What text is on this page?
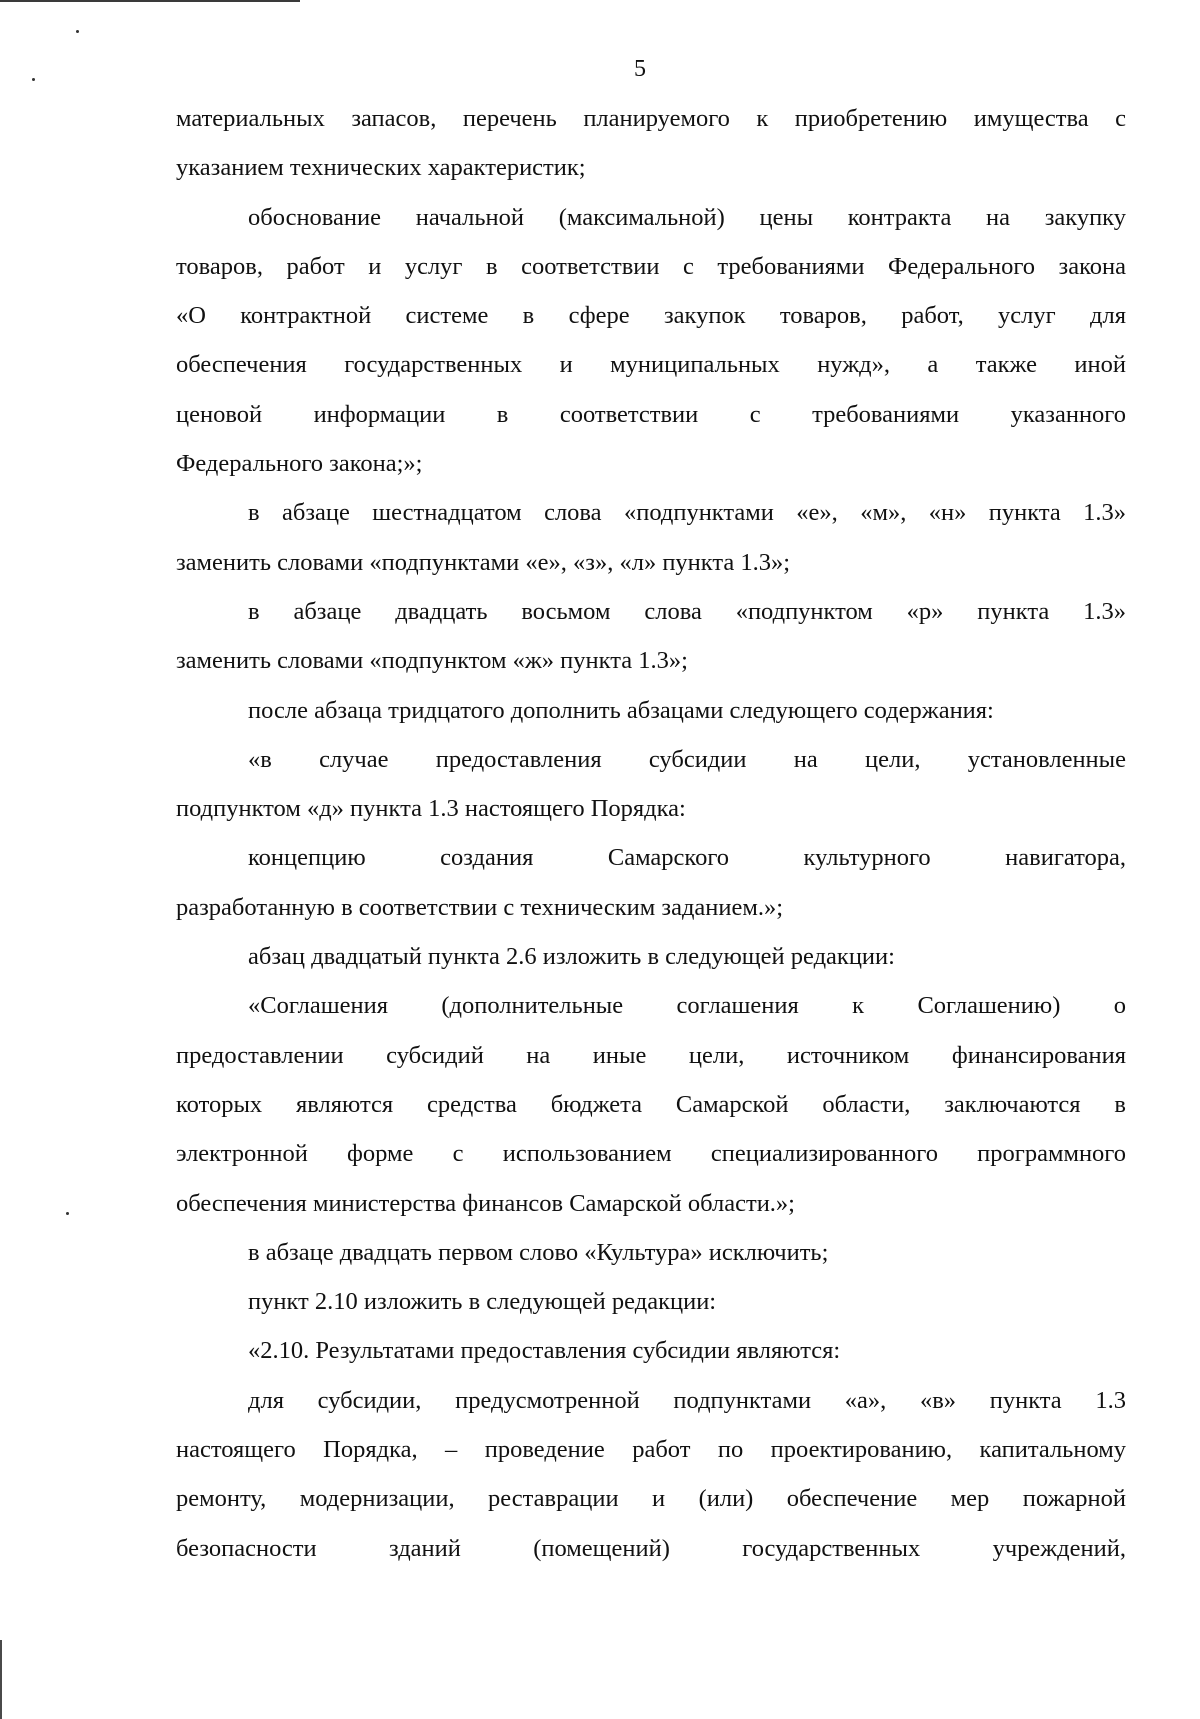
5
материальных запасов, перечень планируемого к приобретению имущества с
указанием технических характеристик;
обоснование начальной (максимальной) цены контракта на закупку
товаров, работ и услуг в соответствии с требованиями Федерального закона
«О контрактной системе в сфере закупок товаров, работ, услуг для
обеспечения государственных и муниципальных нужд», а также иной
ценовой информации в соответствии с требованиями указанного
Федерального закона;»;
в абзаце шестнадцатом слова «подпунктами «е», «м», «н» пункта 1.3»
заменить словами «подпунктами «е», «з», «л» пункта 1.3»;
в абзаце двадцать восьмом слова «подпунктом «р» пункта 1.3»
заменить словами «подпунктом «ж» пункта 1.3»;
после абзаца тридцатого дополнить абзацами следующего содержания:
«в случае предоставления субсидии на цели, установленные
подпунктом «д» пункта 1.3 настоящего Порядка:
концепцию создания Самарского культурного навигатора,
разработанную в соответствии с техническим заданием.»;
абзац двадцатый пункта 2.6 изложить в следующей редакции:
«Соглашения (дополнительные соглашения к Соглашению) о
предоставлении субсидий на иные цели, источником финансирования
которых являются средства бюджета Самарской области, заключаются в
электронной форме с использованием специализированного программного
обеспечения министерства финансов Самарской области.»;
в абзаце двадцать первом слово «Культура» исключить;
пункт 2.10 изложить в следующей редакции:
«2.10. Результатами предоставления субсидии являются:
для субсидии, предусмотренной подпунктами «а», «в» пункта 1.3
настоящего Порядка, – проведение работ по проектированию, капитальному
ремонту, модернизации, реставрации и (или) обеспечение мер пожарной
безопасности зданий (помещений) государственных учреждений,
